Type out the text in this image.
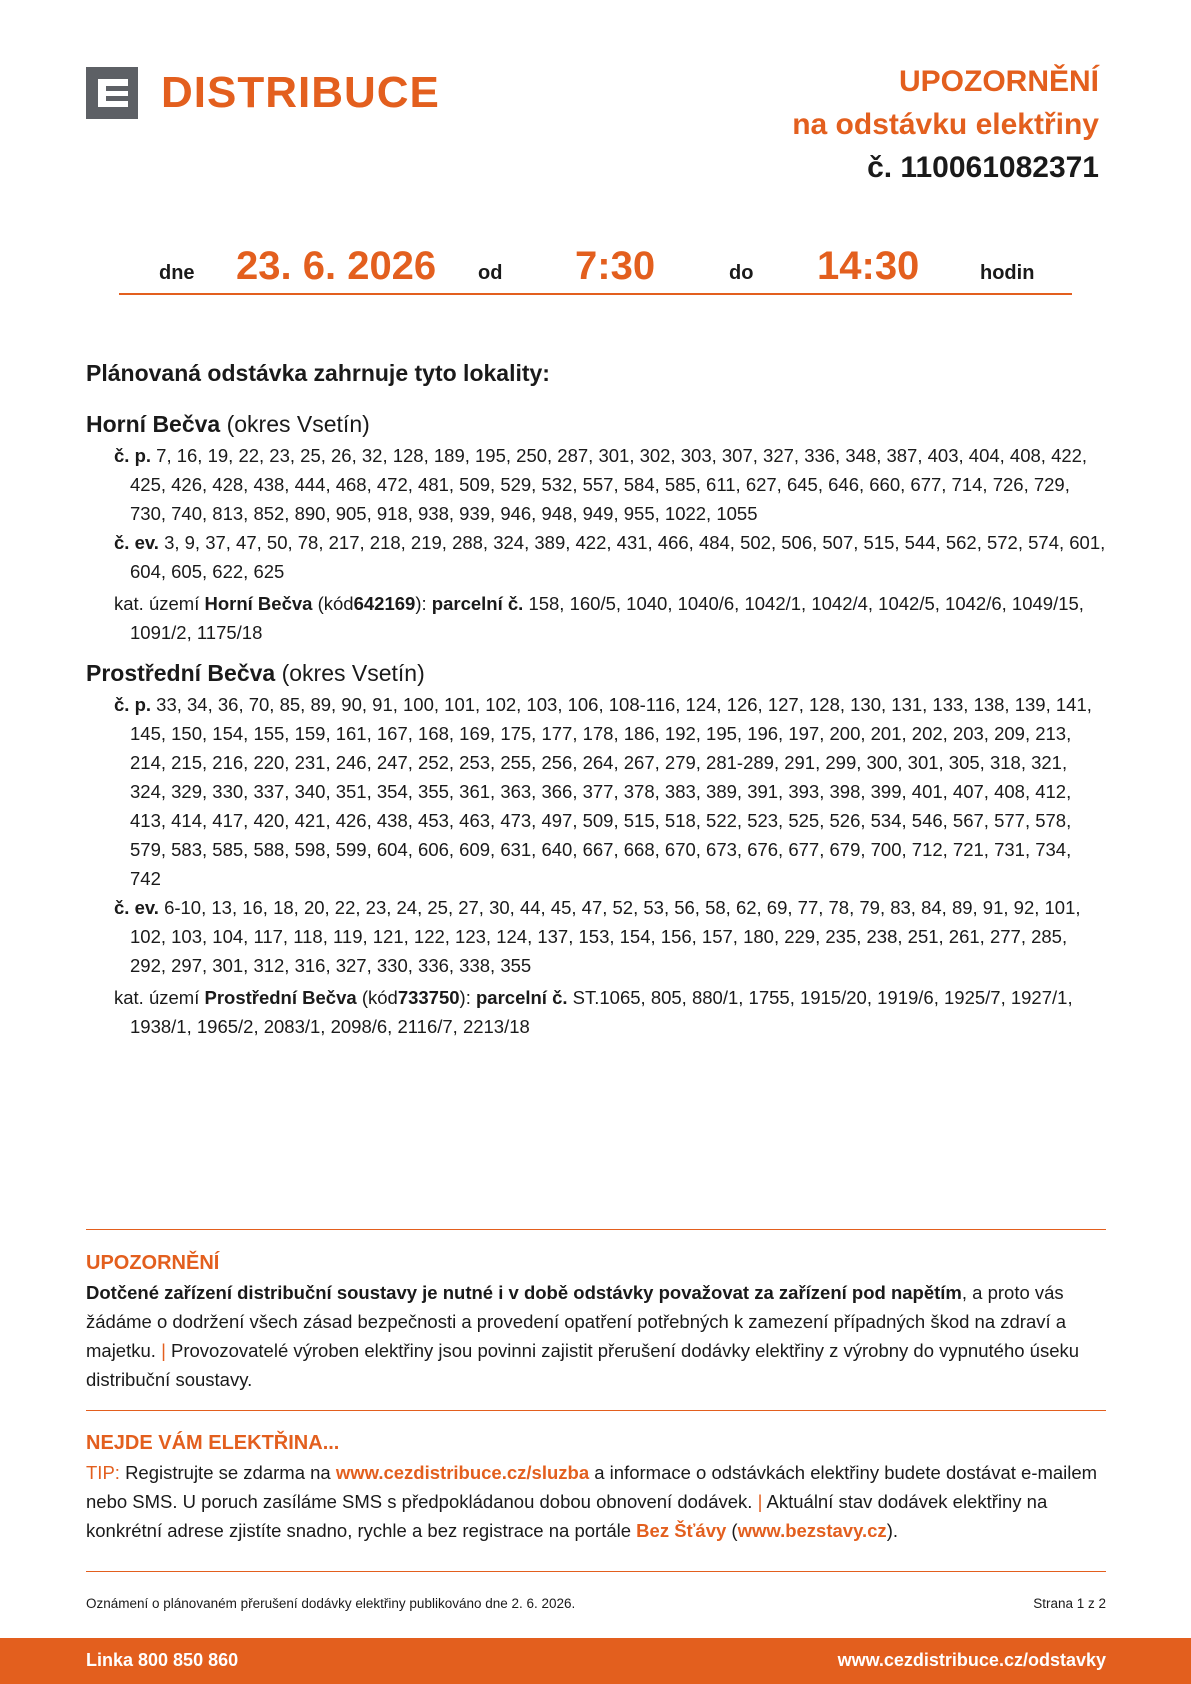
DISTRIBUCE	UPOZORNĚNÍ
na odstávku elektřiny
č. 110061082371
dne 23. 6. 2026 od 7:30	do 14:30	hodin
Plánovaná odstávka zahrnuje tyto lokality:
Horní Bečva (okres Vsetín)
č. p. 7, 16, 19, 22, 23, 25, 26, 32, 128, 189, 195, 250, 287, 301, 302, 303, 307, 327, 336, 348, 387, 403, 404, 408, 422, 425, 426, 428, 438, 444, 468, 472, 481, 509, 529, 532, 557, 584, 585, 611, 627, 645, 646, 660, 677, 714, 726, 729, 730, 740, 813, 852, 890, 905, 918, 938, 939, 946, 948, 949, 955, 1022, 1055
č. ev. 3, 9, 37, 47, 50, 78, 217, 218, 219, 288, 324, 389, 422, 431, 466, 484, 502, 506, 507, 515, 544, 562, 572, 574, 601, 604, 605, 622, 625
kat. území Horní Bečva (kód642169): parcelní č. 158, 160/5, 1040, 1040/6, 1042/1, 1042/4, 1042/5, 1042/6, 1049/15, 1091/2, 1175/18
Prostřední Bečva (okres Vsetín)
č. p. 33, 34, 36, 70, 85, 89, 90, 91, 100, 101, 102, 103, 106, 108-116, 124, 126, 127, 128, 130, 131, 133, 138, 139, 141, 145, 150, 154, 155, 159, 161, 167, 168, 169, 175, 177, 178, 186, 192, 195, 196, 197, 200, 201, 202, 203, 209, 213, 214, 215, 216, 220, 231, 246, 247, 252, 253, 255, 256, 264, 267, 279, 281-289, 291, 299, 300, 301, 305, 318, 321, 324, 329, 330, 337, 340, 351, 354, 355, 361, 363, 366, 377, 378, 383, 389, 391, 393, 398, 399, 401, 407, 408, 412, 413, 414, 417, 420, 421, 426, 438, 453, 463, 473, 497, 509, 515, 518, 522, 523, 525, 526, 534, 546, 567, 577, 578, 579, 583, 585, 588, 598, 599, 604, 606, 609, 631, 640, 667, 668, 670, 673, 676, 677, 679, 700, 712, 721, 731, 734, 742
č. ev. 6-10, 13, 16, 18, 20, 22, 23, 24, 25, 27, 30, 44, 45, 47, 52, 53, 56, 58, 62, 69, 77, 78, 79, 83, 84, 89, 91, 92, 101, 102, 103, 104, 117, 118, 119, 121, 122, 123, 124, 137, 153, 154, 156, 157, 180, 229, 235, 238, 251, 261, 277, 285, 292, 297, 301, 312, 316, 327, 330, 336, 338, 355
kat. území Prostřední Bečva (kód733750): parcelní č. ST.1065, 805, 880/1, 1755, 1915/20, 1919/6, 1925/7, 1927/1, 1938/1, 1965/2, 2083/1, 2098/6, 2116/7, 2213/18
UPOZORNĚNÍ
Dotčené zařízení distribuční soustavy je nutné i v době odstávky považovat za zařízení pod napětím, a proto vás žádáme o dodržení všech zásad bezpečnosti a provedení opatření potřebných k zamezení případných škod na zdraví a majetku. | Provozovatelé výroben elektřiny jsou povinni zajistit přerušení dodávky elektřiny z výrobny do vypnutého úseku distribuční soustavy.
NEJDE VÁM ELEKTŘINA...
TIP: Registrujte se zdarma na www.cezdistribuce.cz/sluzba a informace o odstávkách elektřiny budete dostávat e-mailem nebo SMS. U poruch zasíláme SMS s předpokládanou dobou obnovení dodávek. | Aktuální stav dodávek elektřiny na konkrétní adrese zjistíte snadno, rychle a bez registrace na portále Bez Šťávy (www.bezstavy.cz).
Oznámení o plánovaném přerušení dodávky elektřiny publikováno dne 2. 6. 2026.	Strana 1 z 2
Linka 800 850 860	www.cezdistribuce.cz/odstavky
